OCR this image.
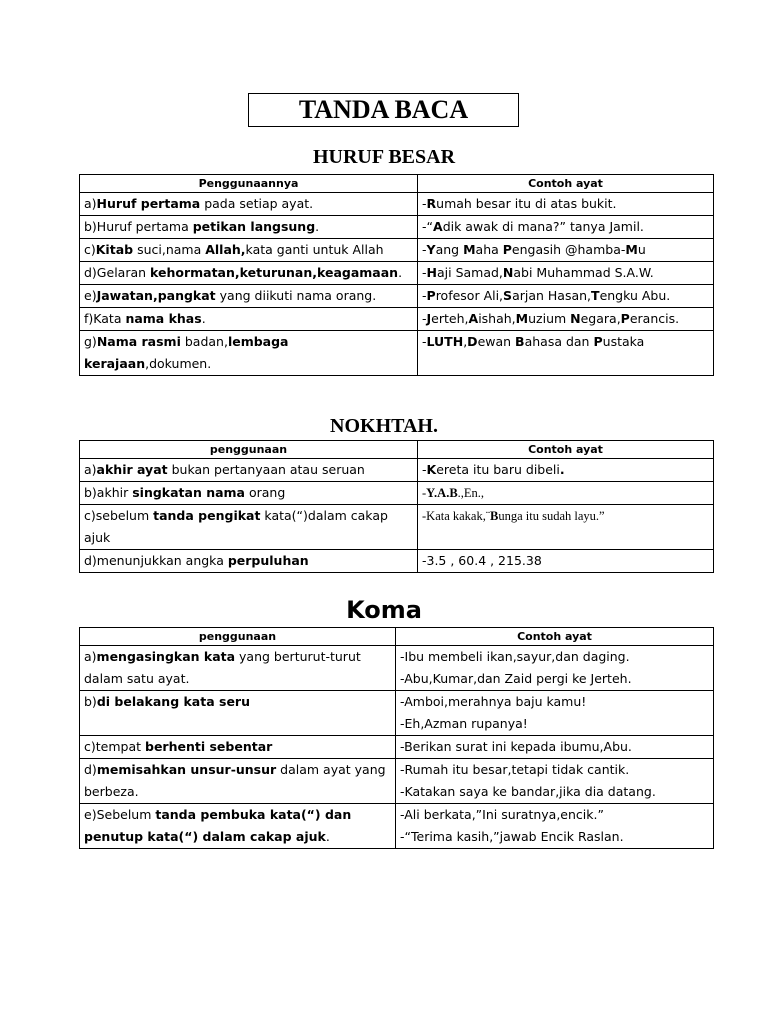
TANDA BACA
HURUF BESAR
Penggunaannya	Contoh ayat
a)Huruf pertama pada setiap ayat.	-Rumah besar itu di atas bukit.

b)Huruf pertama petikan langsung.	-“Adik awak di mana?” tanya Jamil.

c)Kitab suci,nama Allah,kata ganti untuk Allah	-Yang Maha Pengasih @hamba-Mu

d)Gelaran kehormatan,keturunan,keagamaan.	-Haji Samad,Nabi Muhammad S.A.W.

e)Jawatan,pangkat yang diikuti nama orang.	-Profesor Ali,Sarjan Hasan,Tengku Abu.

f)Kata nama khas.	-Jerteh,Aishah,Muzium Negara,Perancis.

g)Nama rasmi badan,lembaga kerajaan,dokumen.	-LUTH,Dewan Bahasa dan Pustaka
NOKHTAH.
penggunaan	Contoh ayat
a)akhir ayat bukan pertanyaan atau seruan	-Kereta itu baru dibeli.

b)akhir singkatan nama orang	-Y.A.B.,En.,

c)sebelum tanda pengikat kata(“)dalam cakap ajuk	-Kata kakak,¨Bunga itu sudah layu.”

d)menunjukkan angka perpuluhan	-3.5 , 60.4 , 215.38
Koma
penggunaan	Contoh ayat
a)mengasingkan kata yang berturut-turut dalam satu ayat.	-Ibu membeli ikan,sayur,dan daging.
-Abu,Kumar,dan Zaid pergi ke Jerteh.

b)di belakang kata seru	-Amboi,merahnya baju kamu!
-Eh,Azman rupanya!

c)tempat berhenti sebentar	-Berikan surat ini kepada ibumu,Abu.

d)memisahkan unsur-unsur dalam ayat yang berbeza.	-Rumah itu besar,tetapi tidak cantik.
-Katakan saya ke bandar,jika dia datang.

e)Sebelum tanda pembuka kata(“) dan penutup kata(“) dalam cakap ajuk.	-Ali berkata,”Ini suratnya,encik.”
-“Terima kasih,”jawab Encik Raslan.
